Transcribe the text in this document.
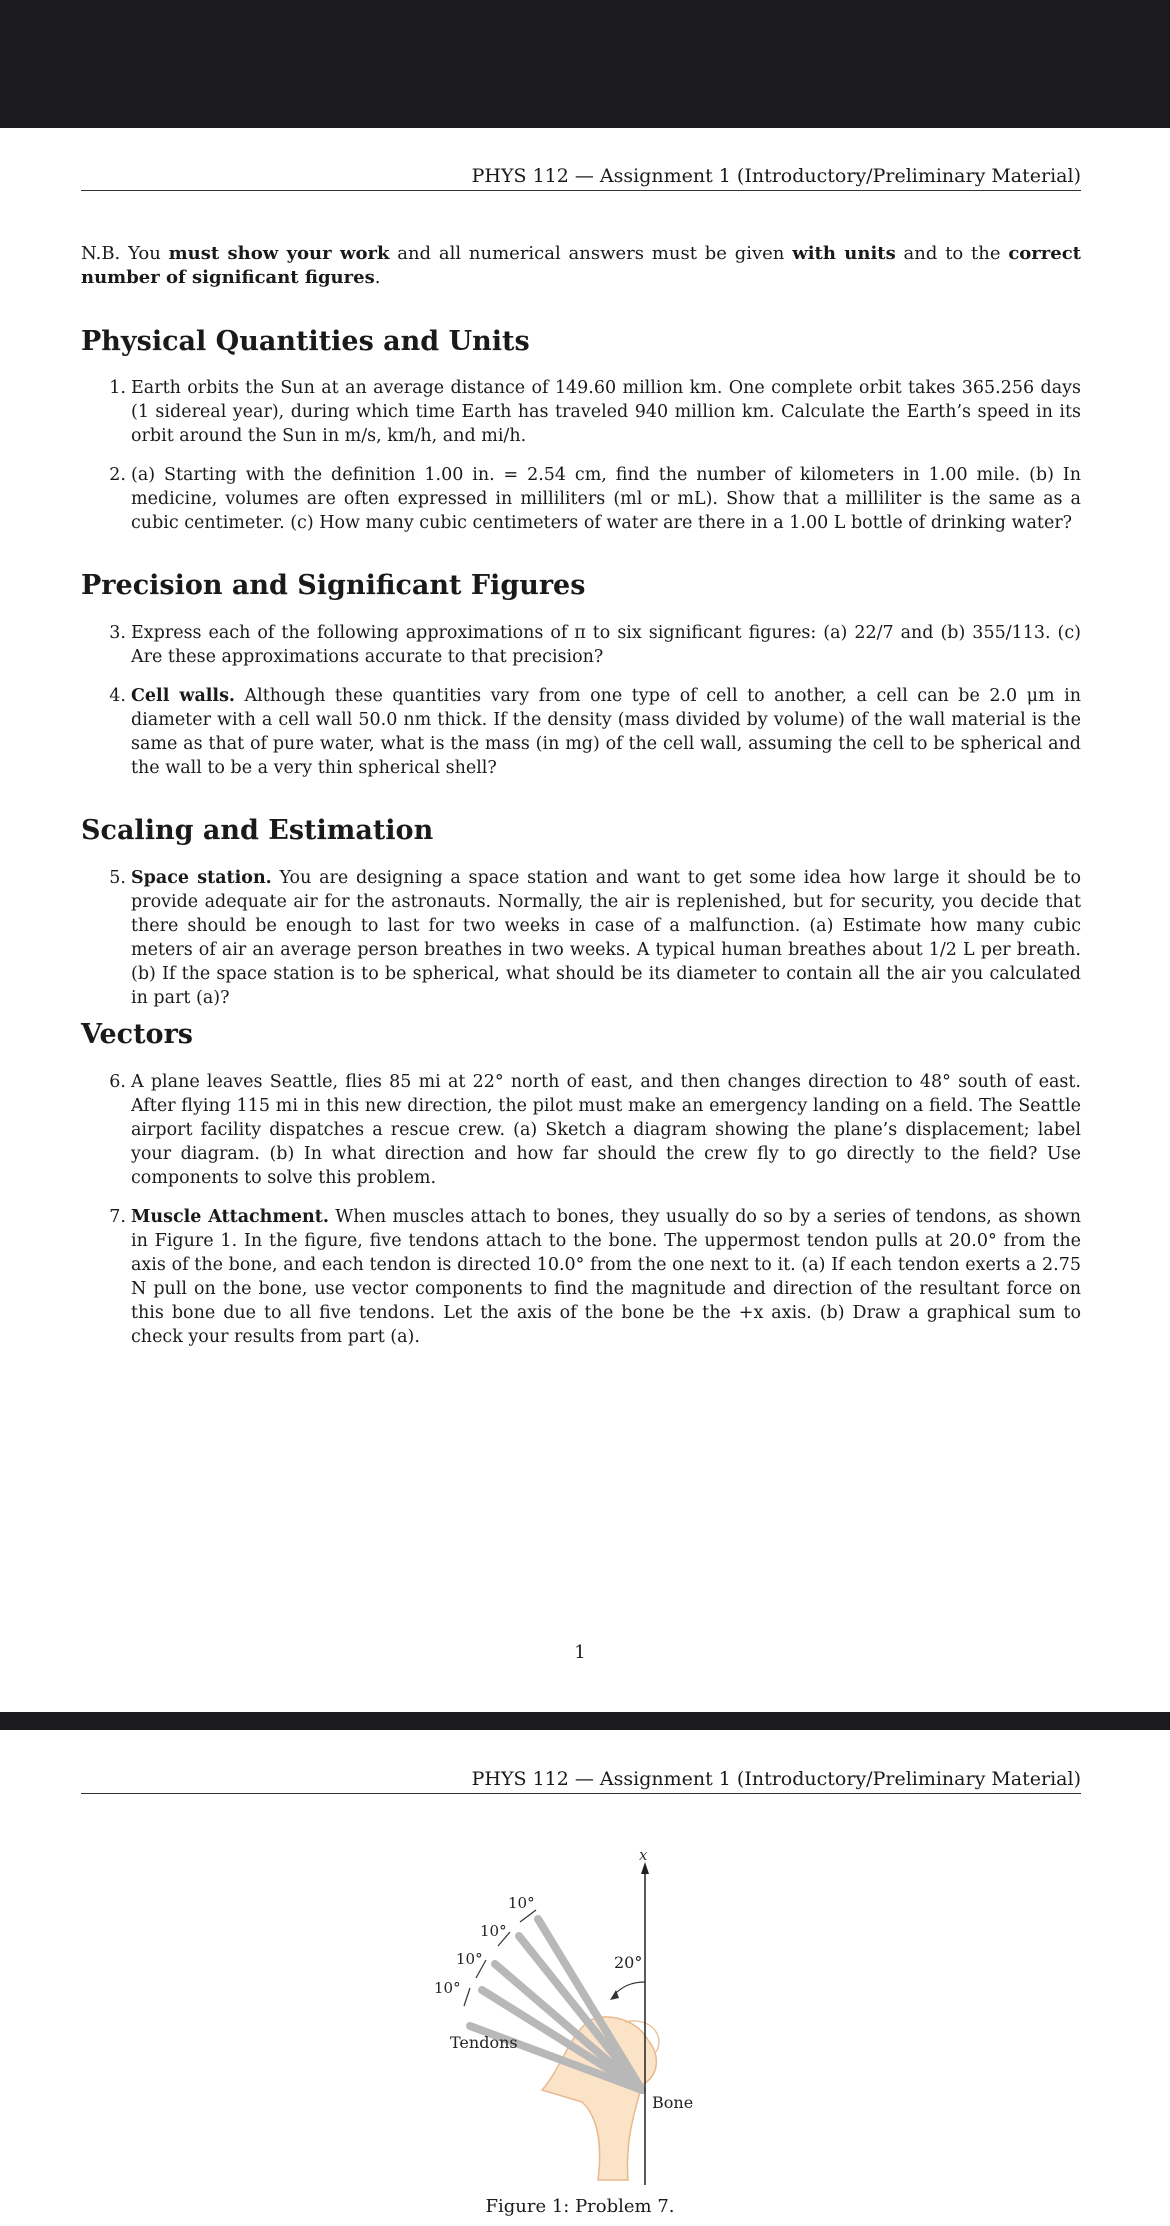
PHYS 112 — Assignment 1 (Introductory/Preliminary Material)
N.B. You must show your work and all numerical answers must be given with units and to the correct number of significant figures.
Physical Quantities and Units
1. Earth orbits the Sun at an average distance of 149.60 million km. One complete orbit takes 365.256 days (1 sidereal year), during which time Earth has traveled 940 million km. Calculate the Earth’s speed in its orbit around the Sun in m/s, km/h, and mi/h.
2. (a) Starting with the definition 1.00 in. = 2.54 cm, find the number of kilometers in 1.00 mile. (b) In medicine, volumes are often expressed in milliliters (ml or mL). Show that a milliliter is the same as a cubic centimeter. (c) How many cubic centimeters of water are there in a 1.00 L bottle of drinking water?
Precision and Significant Figures
3. Express each of the following approximations of π to six significant figures: (a) 22/7 and (b) 355/113. (c) Are these approximations accurate to that precision?
4. Cell walls. Although these quantities vary from one type of cell to another, a cell can be 2.0 μm in diameter with a cell wall 50.0 nm thick. If the density (mass divided by volume) of the wall material is the same as that of pure water, what is the mass (in mg) of the cell wall, assuming the cell to be spherical and the wall to be a very thin spherical shell?
Scaling and Estimation
5. Space station. You are designing a space station and want to get some idea how large it should be to provide adequate air for the astronauts. Normally, the air is replenished, but for security, you decide that there should be enough to last for two weeks in case of a malfunction. (a) Estimate how many cubic meters of air an average person breathes in two weeks. A typical human breathes about 1/2 L per breath. (b) If the space station is to be spherical, what should be its diameter to contain all the air you calculated in part (a)?
Vectors
6. A plane leaves Seattle, flies 85 mi at 22° north of east, and then changes direction to 48° south of east. After flying 115 mi in this new direction, the pilot must make an emergency landing on a field. The Seattle airport facility dispatches a rescue crew. (a) Sketch a diagram showing the plane’s displacement; label your diagram. (b) In what direction and how far should the crew fly to go directly to the field? Use components to solve this problem.
7. Muscle Attachment. When muscles attach to bones, they usually do so by a series of tendons, as shown in Figure 1. In the figure, five tendons attach to the bone. The uppermost tendon pulls at 20.0° from the axis of the bone, and each tendon is directed 10.0° from the one next to it. (a) If each tendon exerts a 2.75 N pull on the bone, use vector components to find the magnitude and direction of the resultant force on this bone due to all five tendons. Let the axis of the bone be the +x axis. (b) Draw a graphical sum to check your results from part (a).
1
PHYS 112 — Assignment 1 (Introductory/Preliminary Material)
x
20°
10°
10°
10°
10°
Tendons
Bone
Figure 1: Problem 7.
